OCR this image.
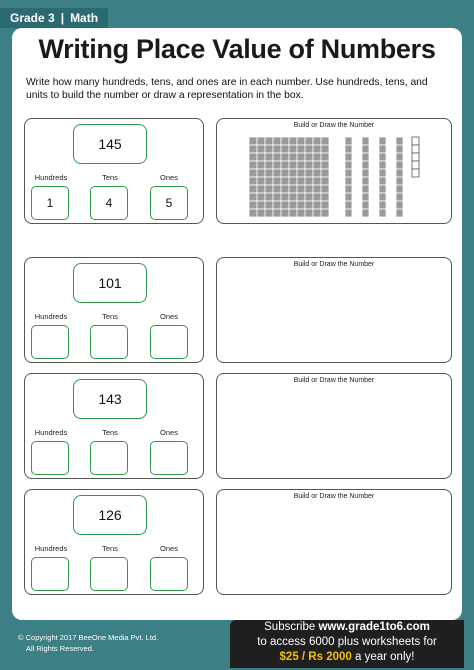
Grade 3 | Math
Writing Place Value of Numbers
Write how many hundreds, tens, and ones are in each number. Use hundreds, tens, and units to build the number or draw a representation in the box.
145
Hundreds	Tens	Ones
1	4	5
Build or Draw the Number
101
Hundreds	Tens	Ones
Build or Draw the Number
143
Hundreds	Tens	Ones
Build or Draw the Number
126
Hundreds	Tens	Ones
Build or Draw the Number
© Copyright 2017 BeeOne Media Pvt. Ltd.
All Rights Reserved.
Subscribe www.grade1to6.com
to access 6000 plus worksheets for
$25 / Rs 2000 a year only!
